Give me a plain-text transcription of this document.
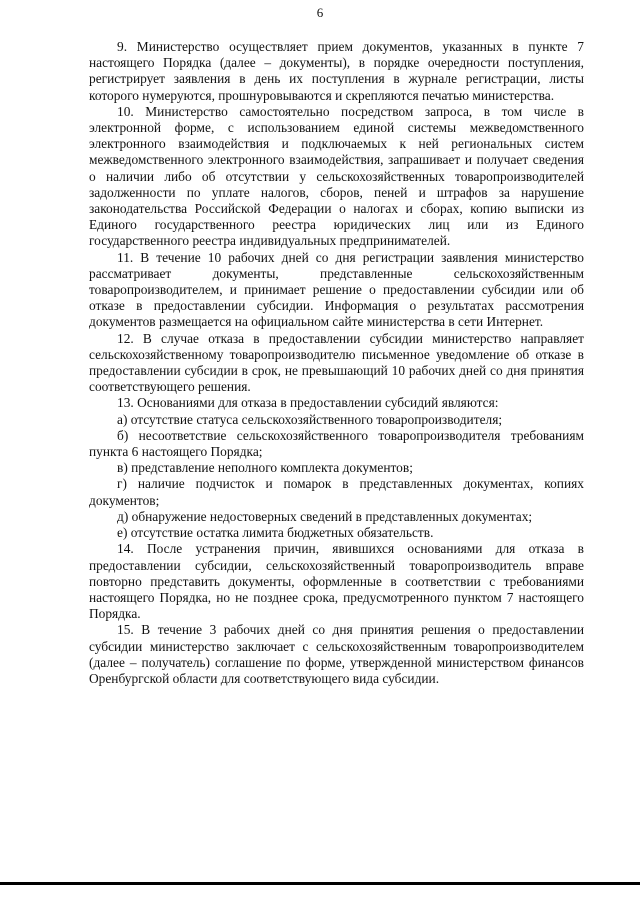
6

9. Министерство осуществляет прием документов, указанных в пункте 7 настоящего Порядка (далее – документы), в порядке очередности поступления, регистрирует заявления в день их поступления в журнале регистрации, листы которого нумеруются, прошнуровываются и скрепляются печатью министерства.

10. Министерство самостоятельно посредством запроса, в том числе в электронной форме, с использованием единой системы межведомственного электронного взаимодействия и подключаемых к ней региональных систем межведомственного электронного взаимодействия, запрашивает и получает сведения о наличии либо об отсутствии у сельскохозяйственных товаропроизводителей задолженности по уплате налогов, сборов, пеней и штрафов за нарушение законодательства Российской Федерации о налогах и сборах, копию выписки из Единого государственного реестра юридических лиц или из Единого государственного реестра индивидуальных предпринимателей.

11. В течение 10 рабочих дней со дня регистрации заявления министерство рассматривает документы, представленные сельскохозяйственным товаропроизводителем, и принимает решение о предоставлении субсидии или об отказе в предоставлении субсидии. Информация о результатах рассмотрения документов размещается на официальном сайте министерства в сети Интернет.

12. В случае отказа в предоставлении субсидии министерство направляет сельскохозяйственному товаропроизводителю письменное уведомление об отказе в предоставлении субсидии в срок, не превышающий 10 рабочих дней со дня принятия соответствующего решения.

13. Основаниями для отказа в предоставлении субсидий являются:

а) отсутствие статуса сельскохозяйственного товаропроизводителя;

б) несоответствие сельскохозяйственного товаропроизводителя требованиям пункта 6 настоящего Порядка;

в) представление неполного комплекта документов;

г) наличие подчисток и помарок в представленных документах, копиях документов;

д) обнаружение недостоверных сведений в представленных документах;

е) отсутствие остатка лимита бюджетных обязательств.

14. После устранения причин, явившихся основаниями для отказа в предоставлении субсидии, сельскохозяйственный товаропроизводитель вправе повторно представить документы, оформленные в соответствии с требованиями настоящего Порядка, но не позднее срока, предусмотренного пунктом 7 настоящего Порядка.

15. В течение 3 рабочих дней со дня принятия решения о предоставлении субсидии министерство заключает с сельскохозяйственным товаропроизводителем (далее – получатель) соглашение по форме, утвержденной министерством финансов Оренбургской области для соответствующего вида субсидии.
